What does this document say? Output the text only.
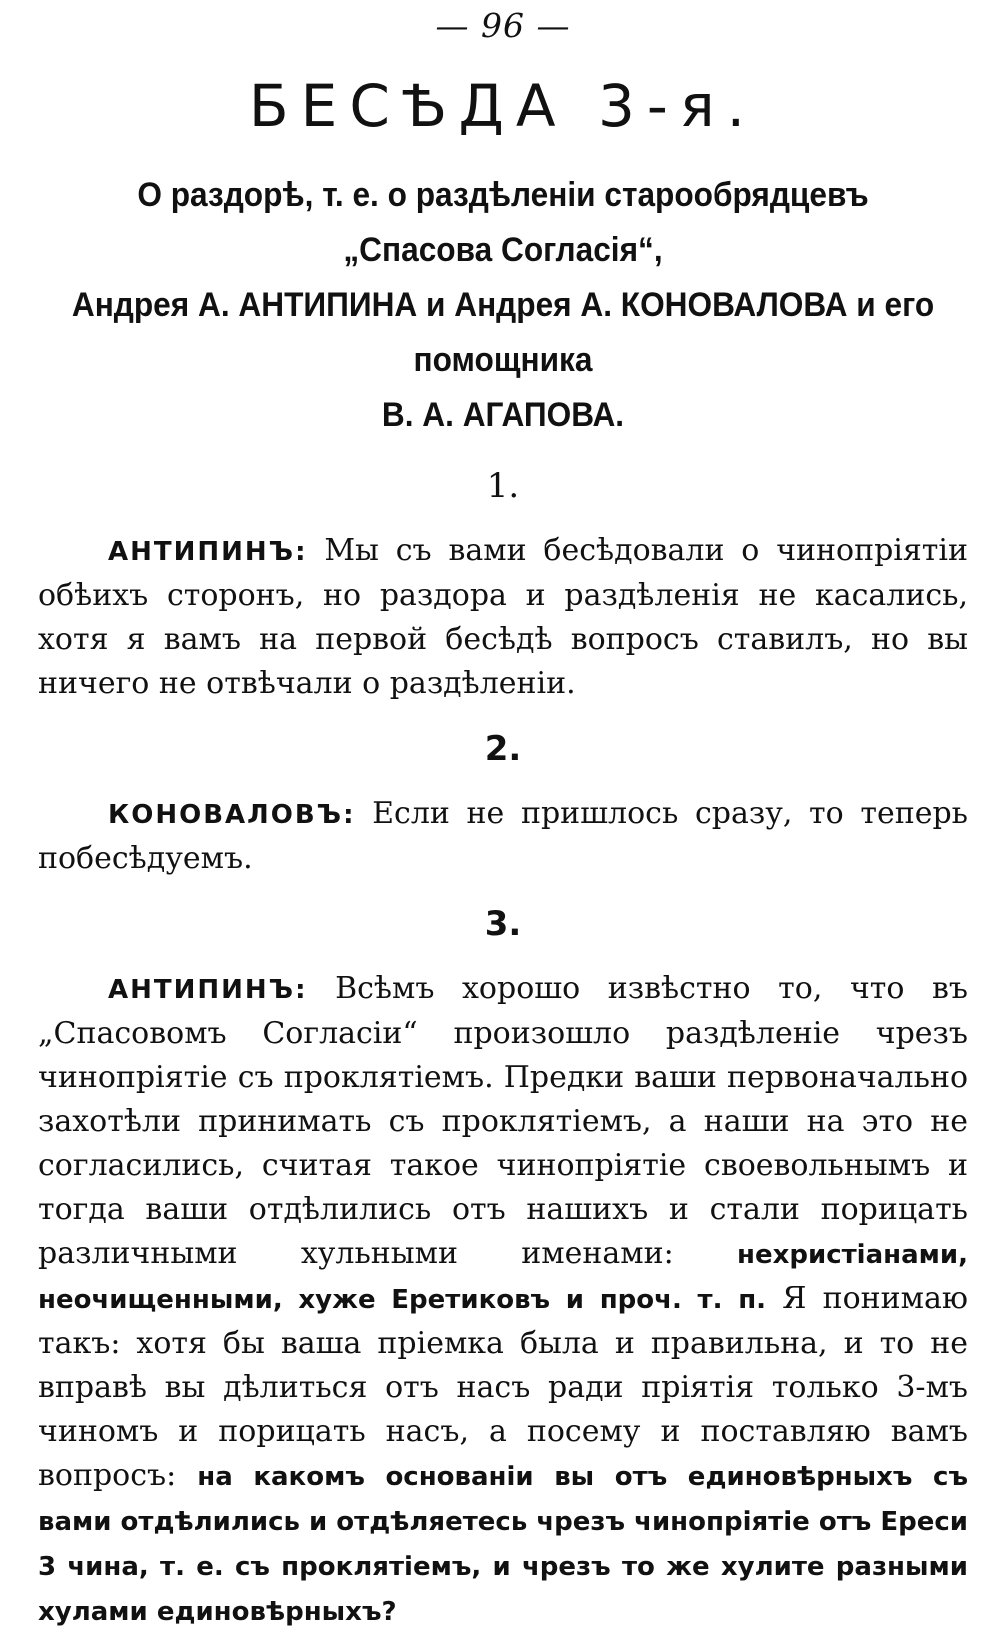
— 96 —
БЕСѢДА 3-я.
О раздорѣ, т. е. о раздѣленіи старообрядцевъ „Спасова Согласія“,
Андрея А. АНТИПИНА и Андрея А. КОНОВАЛОВА и его помощника
В. А. АГАПОВА.
1.
АНТИПИНЪ: Мы съ вами бесѣдовали о чинопріятіи обѣихъ сторонъ, но раздора и раздѣленія не касались, хотя я вамъ на первой бесѣдѣ вопросъ ставилъ, но вы ничего не отвѣчали о раздѣленіи.
2.
КОНОВАЛОВЪ: Если не пришлось сразу, то теперь побесѣдуемъ.
3.
АНТИПИНЪ: Всѣмъ хорошо извѣстно то, что въ „Спасовомъ Согласіи“ произошло раздѣленіе чрезъ чинопріятіе съ проклятіемъ. Предки ваши первоначально захотѣли принимать съ проклятіемъ, а наши на это не согласились, считая такое чинопріятіе своевольнымъ и тогда ваши отдѣлились отъ нашихъ и стали порицать различными хульными именами: нехристіанами, неочищенными, хуже Еретиковъ и проч. т. п. Я понимаю такъ: хотя бы ваша пріемка была и правильна, и то не вправѣ вы дѣлиться отъ насъ ради пріятія только 3-мъ чиномъ и порицать насъ, а посему и поставляю вамъ вопросъ: на какомъ основаніи вы отъ единовѣрныхъ съ вами отдѣлились и отдѣляетесь чрезъ чинопріятіе отъ Ереси 3 чина, т. е. съ проклятіемъ, и чрезъ то же хулите разными хулами единовѣрныхъ?
